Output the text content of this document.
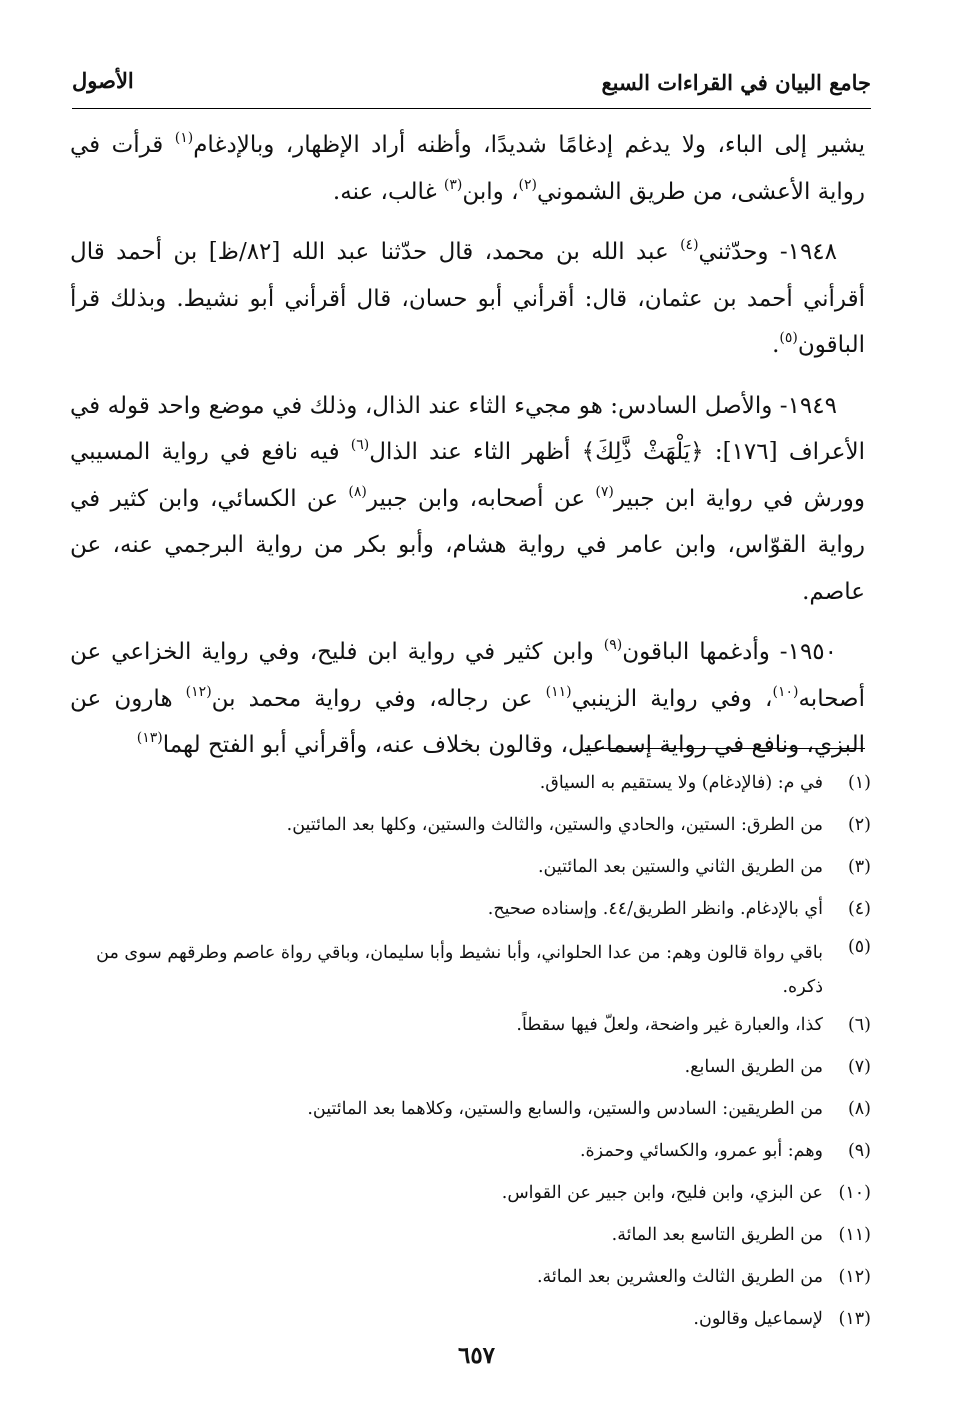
جامع البيان في القراءات السبع
الأصول

يشير إلى الباء، ولا يدغم إدغامًا شديدًا، وأظنه أراد الإظهار، وبالإدغام$^{(١)}$ قرأت في رواية الأعشى، من طريق الشموني$^{(٢)}$، وابن$^{(٣)}$ غالب، عنه.

١٩٤٨- وحدّثني$^{(٤)}$ عبد الله بن محمد، قال حدّثنا عبد الله [٨٢/ظ] بن أحمد قال أقرأني أحمد بن عثمان، قال: أقرأني أبو حسان، قال أقرأني أبو نشيط. وبذلك قرأ الباقون$^{(٥)}$.

١٩٤٩- والأصل السادس: هو مجيء الثاء عند الذال، وذلك في موضع واحد قوله في الأعراف [١٧٦]: ﴿يَلْهَثْ ذَّلِكَ﴾ أظهر الثاء عند الذال$^{(٦)}$ فيه نافع في رواية المسيبي وورش في رواية ابن جبير$^{(٧)}$ عن أصحابه، وابن جبير$^{(٨)}$ عن الكسائي، وابن كثير في رواية القوّاس، وابن عامر في رواية هشام، وأبو بكر من رواية البرجمي عنه، عن عاصم.

١٩٥٠- وأدغمها الباقون$^{(٩)}$ وابن كثير في رواية ابن فليح، وفي رواية الخزاعي عن أصحابه$^{(١٠)}$، وفي رواية الزينبي$^{(١١)}$ عن رجاله، وفي رواية محمد بن$^{(١٢)}$ هارون عن البزي، ونافع في رواية إسماعيل، وقالون بخلاف عنه، وأقرأني أبو الفتح لهما$^{(١٣)}$

(١)
في م: (فالإدغام) ولا يستقيم به السياق.
(٢)
من الطرق: الستين، والحادي والستين، والثالث والستين، وكلها بعد المائتين.
(٣)
من الطريق الثاني والستين بعد المائتين.
(٤)
أي بالإدغام. وانظر الطريق/٤٤. وإسناده صحيح.
(٥)
باقي رواة قالون وهم: من عدا الحلواني، وأبا نشيط وأبا سليمان، وباقي رواة عاصم وطرقهم سوى من ذكره.
(٦)
كذا، والعبارة غير واضحة، ولعلّ فيها سقطاً.
(٧)
من الطريق السابع.
(٨)
من الطريقين: السادس والستين، والسابع والستين، وكلاهما بعد المائتين.
(٩)
وهم: أبو عمرو، والكسائي وحمزة.
(١٠)
عن البزي، وابن فليح، وابن جبير عن القواس.
(١١)
من الطريق التاسع بعد المائة.
(١٢)
من الطريق الثالث والعشرين بعد المائة.
(١٣)
لإسماعيل وقالون.
٦٥٧
